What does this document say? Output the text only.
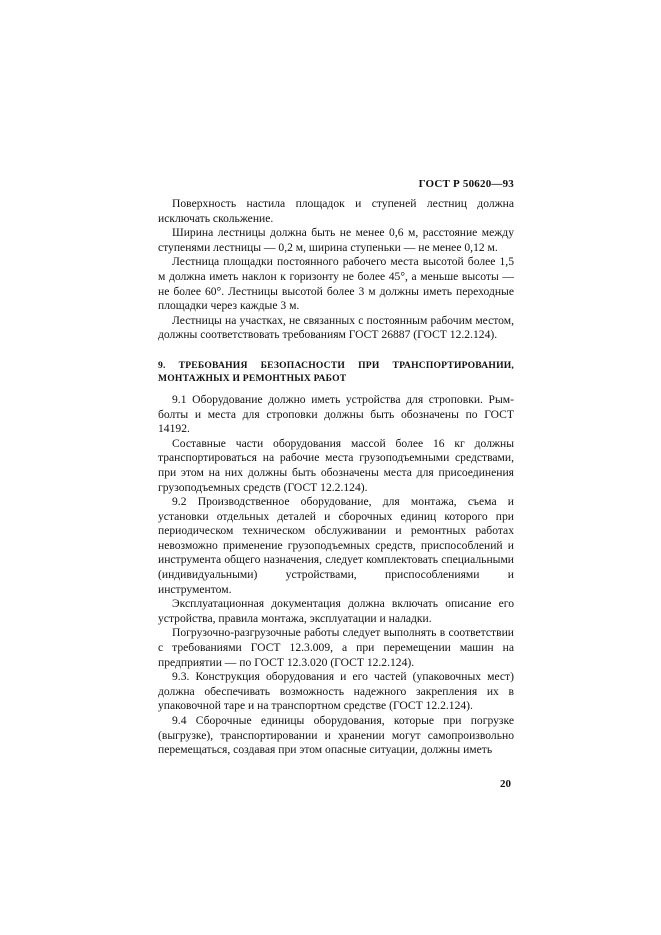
ГОСТ Р 50620—93

Поверхность настила площадок и ступеней лестниц должна исключать скольжение.

Ширина лестницы должна быть не менее 0,6 м, расстояние между ступенями лестницы — 0,2 м, ширина ступеньки — не менее 0,12 м.

Лестница площадки постоянного рабочего места высотой более 1,5 м должна иметь наклон к горизонту не более 45°, а меньше высоты — не более 60°. Лестницы высотой более 3 м должны иметь переходные площадки через каждые 3 м.

Лестницы на участках, не связанных с постоянным рабочим местом, должны соответствовать требованиям ГОСТ 26887 (ГОСТ 12.2.124).

9. ТРЕБОВАНИЯ БЕЗОПАСНОСТИ ПРИ ТРАНСПОРТИРОВАНИИ, МОНТАЖНЫХ И РЕМОНТНЫХ РАБОТ

9.1 Оборудование должно иметь устройства для строповки. Рым-болты и места для строповки должны быть обозначены по ГОСТ 14192.

Составные части оборудования массой более 16 кг должны транспортироваться на рабочие места грузоподъемными средствами, при этом на них должны быть обозначены места для присоединения грузоподъемных средств (ГОСТ 12.2.124).

9.2 Производственное оборудование, для монтажа, съема и установки отдельных деталей и сборочных единиц которого при периодическом техническом обслуживании и ремонтных работах невозможно применение грузоподъемных средств, приспособлений и инструмента общего назначения, следует комплектовать специальными (индивидуальными) устройствами, приспособлениями и инструментом.

Эксплуатационная документация должна включать описание его устройства, правила монтажа, эксплуатации и наладки.

Погрузочно-разгрузочные работы следует выполнять в соответствии с требованиями ГОСТ 12.3.009, а при перемещении машин на предприятии — по ГОСТ 12.3.020 (ГОСТ 12.2.124).

9.3. Конструкция оборудования и его частей (упаковочных мест) должна обеспечивать возможность надежного закрепления их в упаковочной таре и на транспортном средстве (ГОСТ 12.2.124).

9.4 Сборочные единицы оборудования, которые при погрузке (выгрузке), транспортировании и хранении могут самопроизвольно перемещаться, создавая при этом опасные ситуации, должны иметь

20
